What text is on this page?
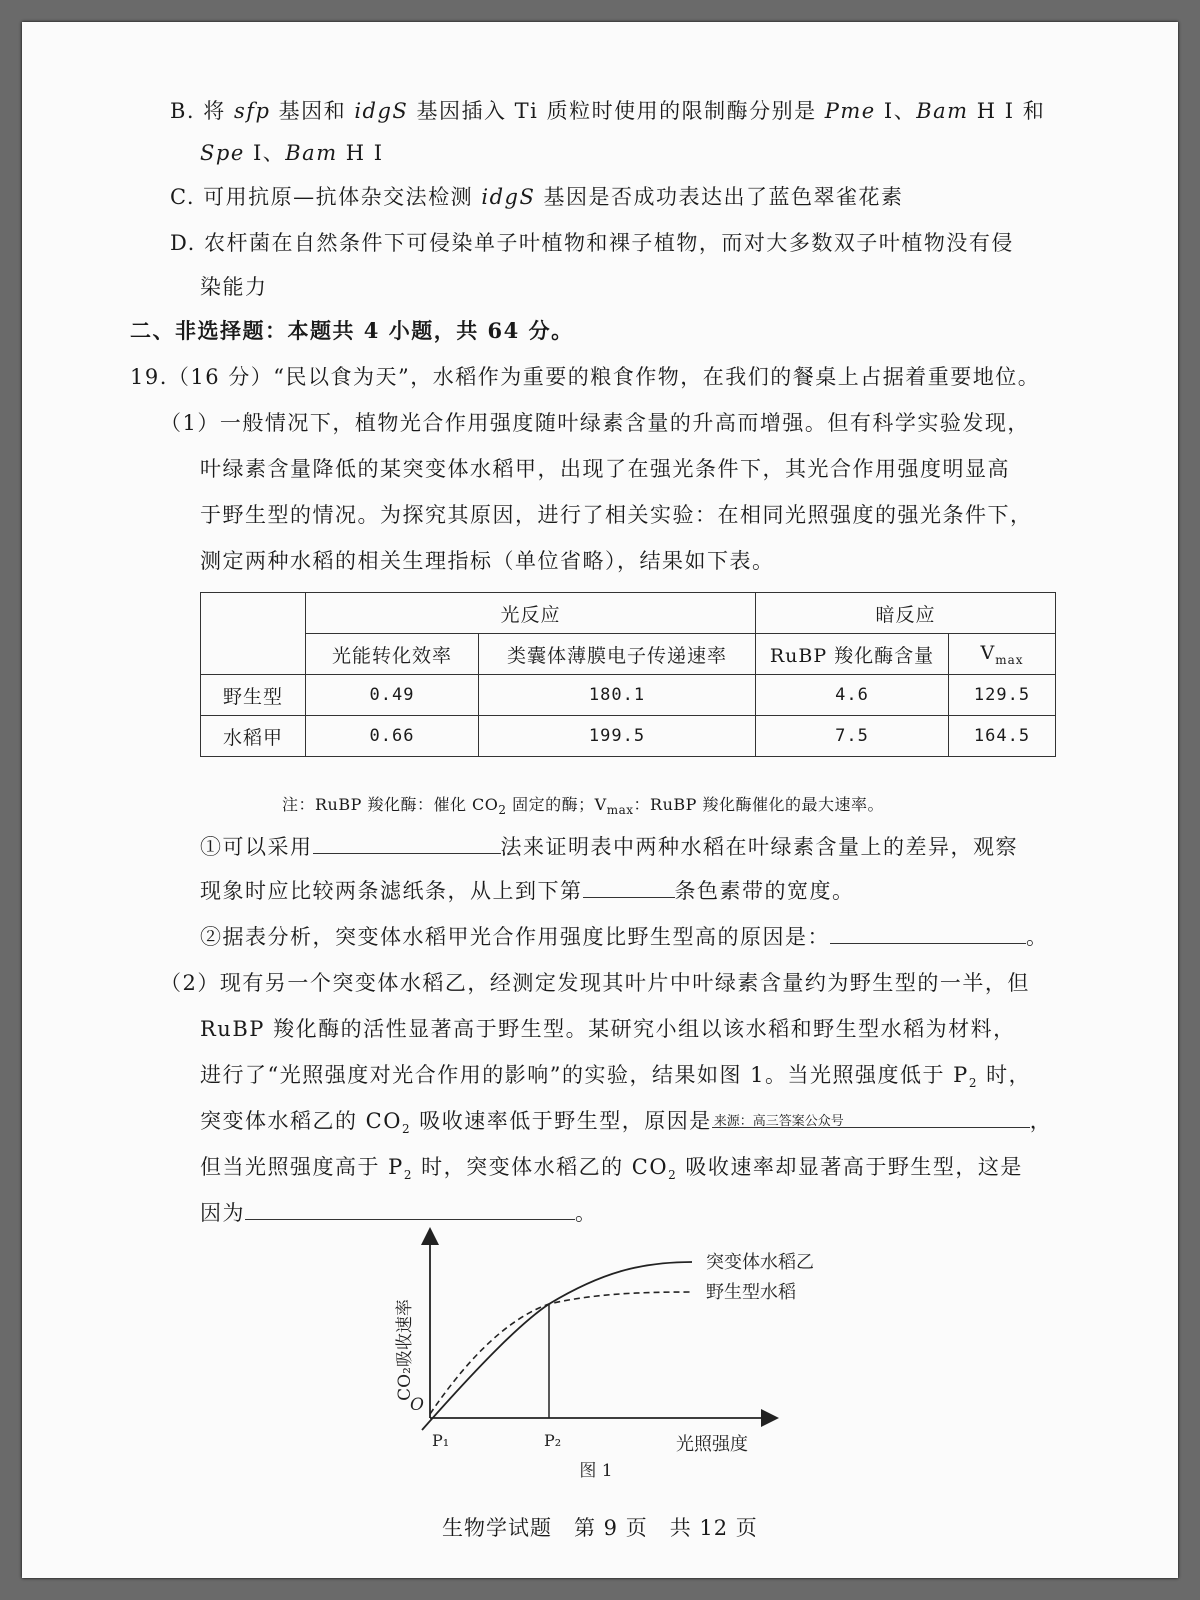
B. 将 sfp 基因和 idgS 基因插入 Ti 质粒时使用的限制酶分别是 Pme Ⅰ、Bam H Ⅰ 和
Spe Ⅰ、Bam H Ⅰ
C. 可用抗原—抗体杂交法检测 idgS 基因是否成功表达出了蓝色翠雀花素
D. 农杆菌在自然条件下可侵染单子叶植物和裸子植物，而对大多数双子叶植物没有侵
染能力
二、非选择题：本题共 4 小题，共 64 分。
19.（16 分）“民以食为天”，水稻作为重要的粮食作物，在我们的餐桌上占据着重要地位。
（1）一般情况下，植物光合作用强度随叶绿素含量的升高而增强。但有科学实验发现，
叶绿素含量降低的某突变体水稻甲，出现了在强光条件下，其光合作用强度明显高
于野生型的情况。为探究其原因，进行了相关实验：在相同光照强度的强光条件下，
测定两种水稻的相关生理指标（单位省略），结果如下表。
	光反应		暗反应	
	光能转化效率	类囊体薄膜电子传递速率	RuBP 羧化酶含量	$V_{max}$
野生型	0.49	180.1	4.6	129.5
水稻甲	0.66	199.5	7.5	164.5
注：RuBP 羧化酶：催化 $CO_2$ 固定的酶；$V_{max}$：RuBP 羧化酶催化的最大速率。
①可以采用	法来证明表中两种水稻在叶绿素含量上的差异，观察
现象时应比较两条滤纸条，从上到下第	条色素带的宽度。
②据表分析，突变体水稻甲光合作用强度比野生型高的原因是：	。
（2）现有另一个突变体水稻乙，经测定发现其叶片中叶绿素含量约为野生型的一半，但
RuBP 羧化酶的活性显著高于野生型。某研究小组以该水稻和野生型水稻为材料，
进行了“光照强度对光合作用的影响”的实验，结果如图 1。当光照强度低于 $P_2$ 时，
突变体水稻乙的 $CO_2$ 吸收速率低于野生型，原因是 来源：高三答案公众号	，
但当光照强度高于 $P_2$ 时，突变体水稻乙的 $CO_2$ 吸收速率却显著高于野生型，这是
因为	。
CO₂吸收速率
光照强度
O
P₁	P₂
突变体水稻乙
野生型水稻
图 1
生物学试题　第 9 页　共 12 页
